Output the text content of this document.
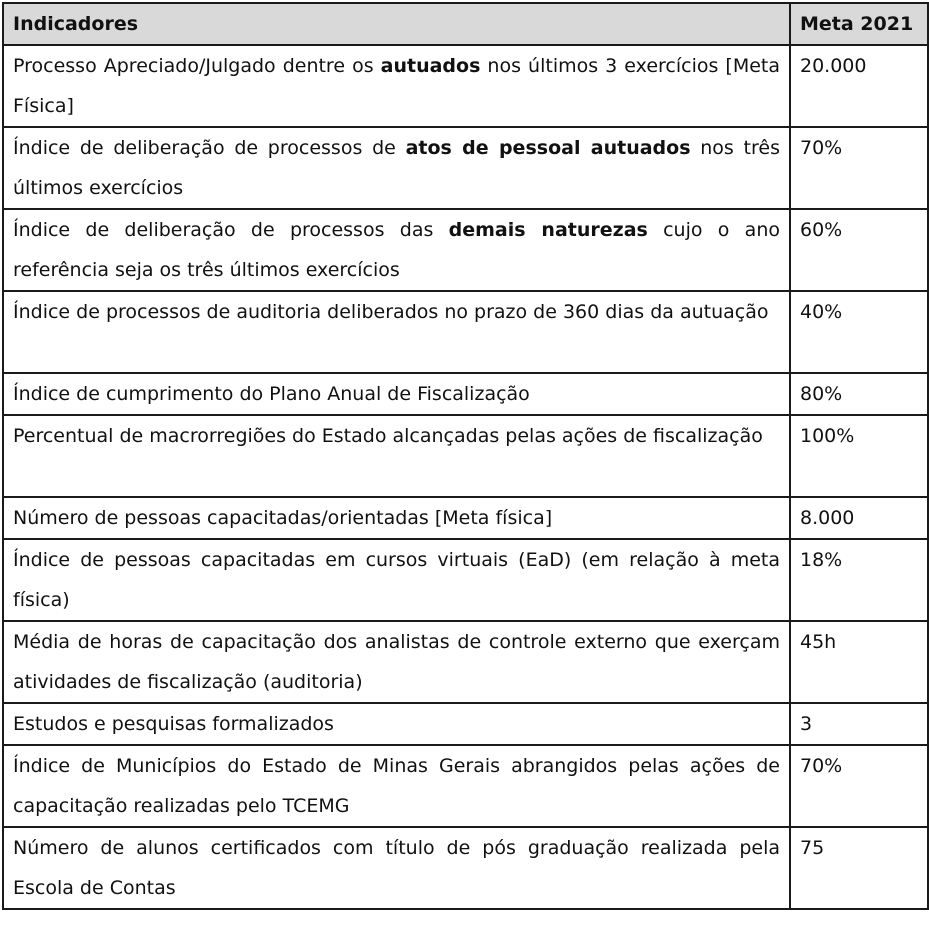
Indicadores	Meta 2021
Processo Apreciado/Julgado dentre os autuados nos últimos 3 exercícios [Meta Física]	20.000
Índice de deliberação de processos de atos de pessoal autuados nos três últimos exercícios	70%
Índice de deliberação de processos das demais naturezas cujo o ano referência seja os três últimos exercícios	60%
Índice de processos de auditoria deliberados no prazo de 360 dias da autuação	40%
Índice de cumprimento do Plano Anual de Fiscalização	80%
Percentual de macrorregiões do Estado alcançadas pelas ações de fiscalização	100%
Número de pessoas capacitadas/orientadas [Meta física]	8.000
Índice de pessoas capacitadas em cursos virtuais (EaD) (em relação à meta física)	18%
Média de horas de capacitação dos analistas de controle externo que exerçam atividades de fiscalização (auditoria)	45h
Estudos e pesquisas formalizados	3
Índice de Municípios do Estado de Minas Gerais abrangidos pelas ações de capacitação realizadas pelo TCEMG	70%
Número de alunos certificados com título de pós graduação realizada pela Escola de Contas	75
